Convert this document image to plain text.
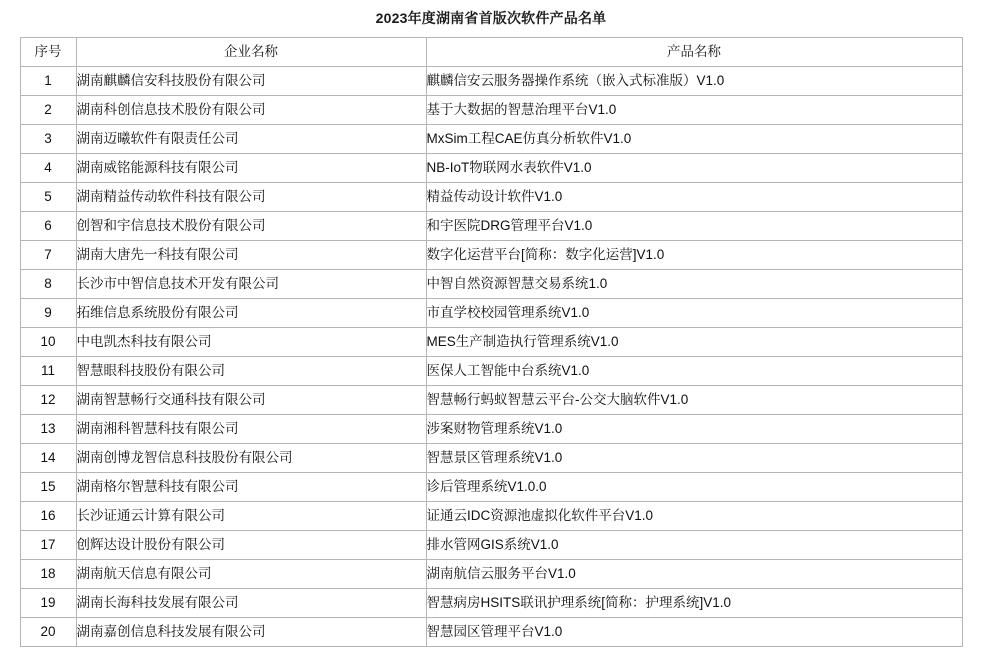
2023年度湖南省首版次软件产品名单
序号	企业名称	产品名称
1	湖南麒麟信安科技股份有限公司	麒麟信安云服务器操作系统（嵌入式标准版）V1.0
2	湖南科创信息技术股份有限公司	基于大数据的智慧治理平台V1.0
3	湖南迈曦软件有限责任公司	MxSim工程CAE仿真分析软件V1.0
4	湖南威铭能源科技有限公司	NB-IoT物联网水表软件V1.0
5	湖南精益传动软件科技有限公司	精益传动设计软件V1.0
6	创智和宇信息技术股份有限公司	和宇医院DRG管理平台V1.0
7	湖南大唐先一科技有限公司	数字化运营平台[简称：数字化运营]V1.0
8	长沙市中智信息技术开发有限公司	中智自然资源智慧交易系统1.0
9	拓维信息系统股份有限公司	市直学校校园管理系统V1.0
10	中电凯杰科技有限公司	MES生产制造执行管理系统V1.0
11	智慧眼科技股份有限公司	医保人工智能中台系统V1.0
12	湖南智慧畅行交通科技有限公司	智慧畅行蚂蚁智慧云平台-公交大脑软件V1.0
13	湖南湘科智慧科技有限公司	涉案财物管理系统V1.0
14	湖南创博龙智信息科技股份有限公司	智慧景区管理系统V1.0
15	湖南格尔智慧科技有限公司	诊后管理系统V1.0.0
16	长沙证通云计算有限公司	证通云IDC资源池虚拟化软件平台V1.0
17	创辉达设计股份有限公司	排水管网GIS系统V1.0
18	湖南航天信息有限公司	湖南航信云服务平台V1.0
19	湖南长海科技发展有限公司	智慧病房HSITS联讯护理系统[简称：护理系统]V1.0
20	湖南嘉创信息科技发展有限公司	智慧园区管理平台V1.0
